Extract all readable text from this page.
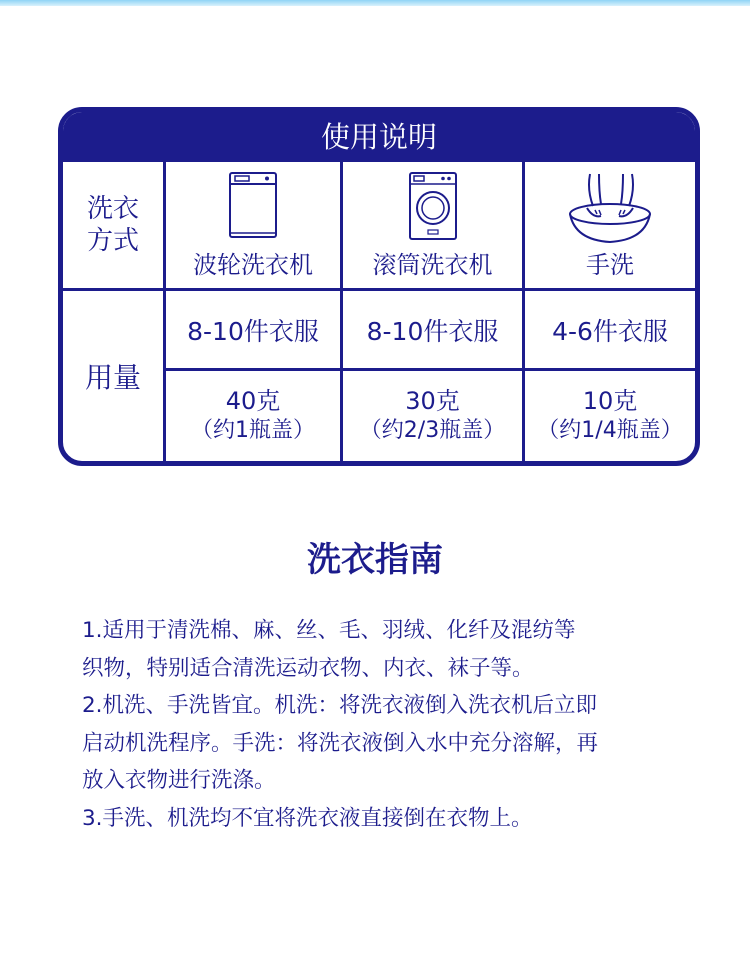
使用说明
洗衣
方式
用量
波轮洗衣机	滚筒洗衣机	手洗
8-10件衣服 8-10件衣服 4-6件衣服
40克
（约1瓶盖）
30克
（约2/3瓶盖）
10克
（约1/4瓶盖）
洗衣指南

1.适用于清洗棉、麻、丝、毛、羽绒、化纤及混纺等

织物，特别适合清洗运动衣物、内衣、袜子等。

2.机洗、手洗皆宜。机洗：将洗衣液倒入洗衣机后立即

启动机洗程序。手洗：将洗衣液倒入水中充分溶解，再

放入衣物进行洗涤。

3.手洗、机洗均不宜将洗衣液直接倒在衣物上。
